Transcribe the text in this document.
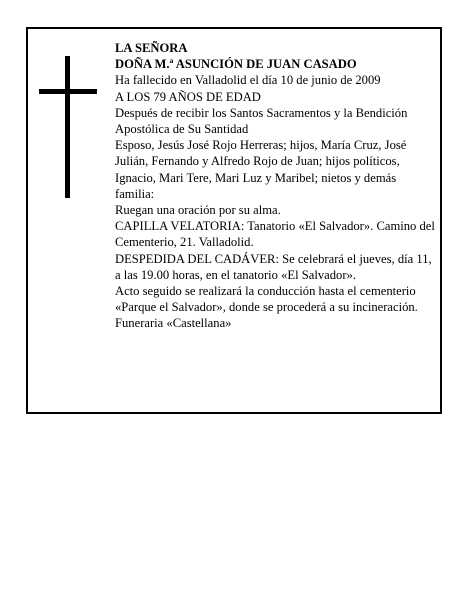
LA SEÑORA

DOÑA M.ª ASUNCIÓN DE JUAN CASADO

Ha fallecido en Valladolid el día 10 de junio de 2009

A LOS 79 AÑOS DE EDAD

Después de recibir los Santos Sacramentos y la Bendición Apostólica de Su Santidad

Esposo, Jesús José Rojo Herreras; hijos, María Cruz, José Julián, Fernando y Alfredo Rojo de Juan; hijos políticos, Ignacio, Mari Tere, Mari Luz y Maribel; nietos y demás familia:

Ruegan una oración por su alma.

CAPILLA VELATORIA: Tanatorio «El Salvador». Camino del Cementerio, 21. Valladolid.

DESPEDIDA DEL CADÁVER: Se celebrará el jueves, día 11, a las 19.00 horas, en el tanatorio «El Salvador».

Acto seguido se realizará la conducción hasta el cementerio «Parque el Salvador», donde se procederá a su incineración.

Funeraria «Castellana»
